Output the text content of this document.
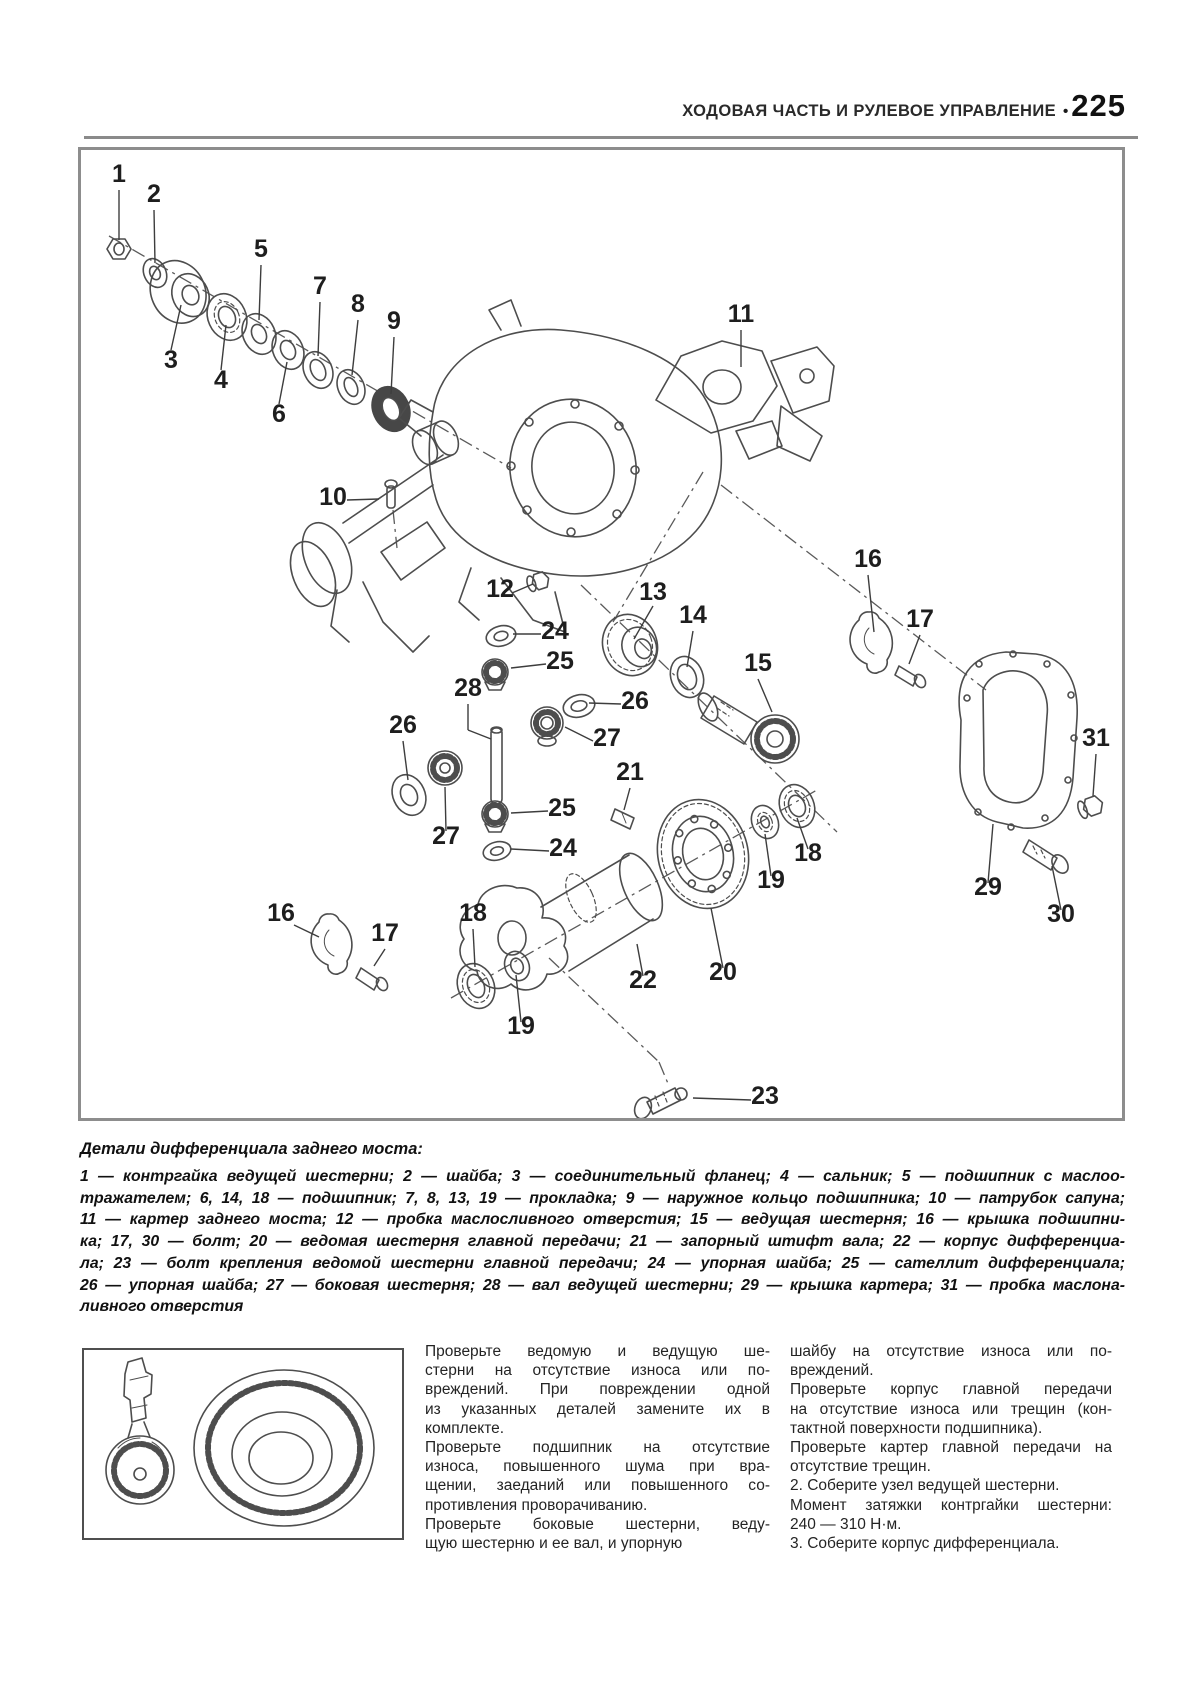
ХОДОВАЯ ЧАСТЬ И РУЛЕВОЕ УПРАВЛЕНИЕ • 225
1
2
3
4
5
6
7
8
9
10
11
12	13
14
15
16
17
24
25
28	26
27
26
21
27
25
24
19
18
16
17
18
20
22
19
23
29
30
31
Детали дифференциала заднего моста:
1 — контргайка ведущей шестерни; 2 — шайба; 3 — соединительный фланец; 4 — сальник; 5 — подшипник с маслоо-
тражателем; 6, 14, 18 — подшипник; 7, 8, 13, 19 — прокладка; 9 — наружное кольцо подшипника; 10 — патрубок сапуна;
11 — картер заднего моста; 12 — пробка маслосливного отверстия; 15 — ведущая шестерня; 16 — крышка подшипни-
ка; 17, 30 — болт; 20 — ведомая шестерня главной передачи; 21 — запорный штифт вала; 22 — корпус дифференциа-
ла; 23 — болт крепления ведомой шестерни главной передачи; 24 — упорная шайба; 25 — сателлит дифференциала;
26 — упорная шайба; 27 — боковая шестерня; 28 — вал ведущей шестерни; 29 — крышка картера; 31 — пробка маслона-
ливного отверстия
Проверьте ведомую и ведущую ше-
стерни на отсутствие износа или по-
вреждений. При повреждении одной
из указанных деталей замените их в
комплекте.
Проверьте подшипник на отсутствие
износа, повышенного шума при вра-
щении, заеданий или повышенного со-
противления проворачиванию.
Проверьте боковые шестерни, веду-
щую шестерню и ее вал, и упорную
шайбу на отсутствие износа или по-
вреждений.
Проверьте корпус главной передачи
на отсутствие износа или трещин (кон-
тактной поверхности подшипника).
Проверьте картер главной передачи на
отсутствие трещин.
2. Соберите узел ведущей шестерни.
Момент затяжки контргайки шестерни:
240 — 310 Н·м.
3. Соберите корпус дифференциала.
